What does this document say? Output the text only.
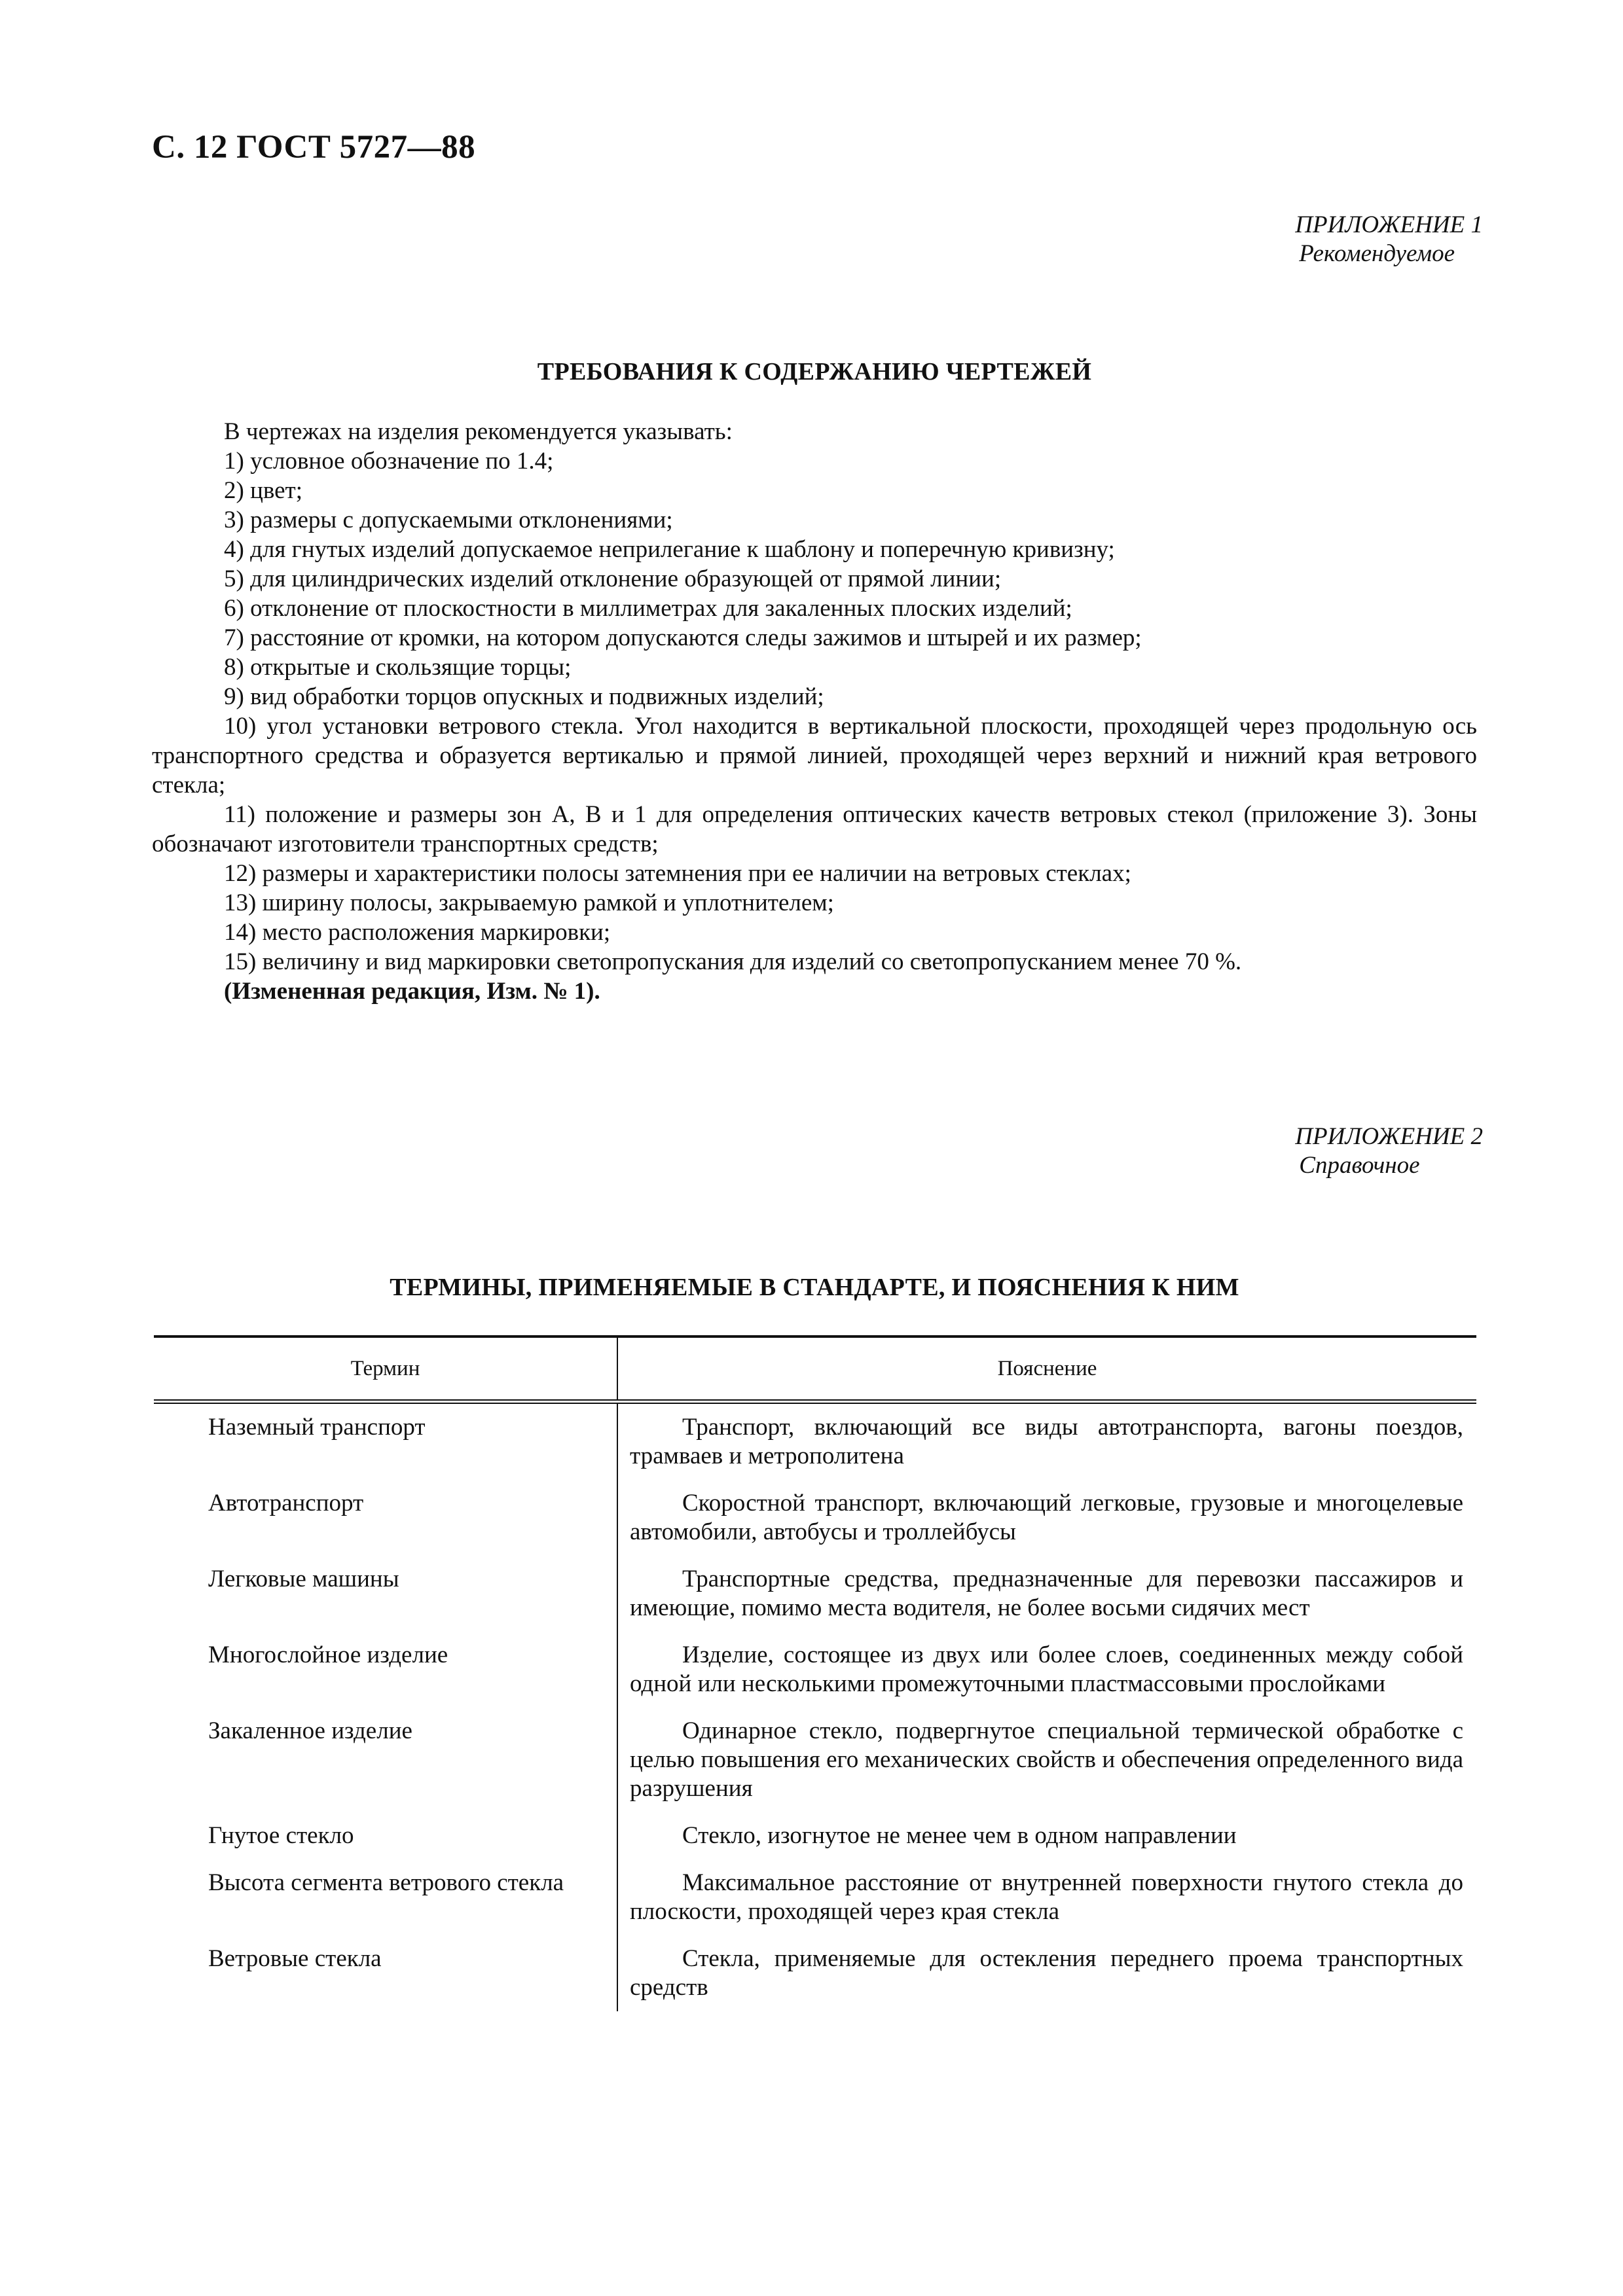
С. 12 ГОСТ 5727—88
ПРИЛОЖЕНИЕ 1
Рекомендуемое
ТРЕБОВАНИЯ К СОДЕРЖАНИЮ ЧЕРТЕЖЕЙ

В чертежах на изделия рекомендуется указывать:

1) условное обозначение по 1.4;

2) цвет;

3) размеры с допускаемыми отклонениями;

4) для гнутых изделий допускаемое неприлегание к шаблону и поперечную кривизну;

5) для цилиндрических изделий отклонение образующей от прямой линии;

6) отклонение от плоскостности в миллиметрах для закаленных плоских изделий;

7) расстояние от кромки, на котором допускаются следы зажимов и штырей и их размер;

8) открытые и скользящие торцы;

9) вид обработки торцов опускных и подвижных изделий;

10) угол установки ветрового стекла. Угол находится в вертикальной плоскости, проходящей через продольную ось транспортного средства и образуется вертикалью и прямой линией, проходящей через верхний и нижний края ветрового стекла;

11) положение и размеры зон А, В и 1 для определения оптических качеств ветровых стекол (приложение 3). Зоны обозначают изготовители транспортных средств;

12) размеры и характеристики полосы затемнения при ее наличии на ветровых стеклах;

13) ширину полосы, закрываемую рамкой и уплотнителем;

14) место расположения маркировки;

15) величину и вид маркировки светопропускания для изделий со светопропусканием менее 70 %.

(Измененная редакция, Изм. № 1).

ПРИЛОЖЕНИЕ 2
Справочное
ТЕРМИНЫ, ПРИМЕНЯЕМЫЕ В СТАНДАРТЕ, И ПОЯСНЕНИЯ К НИМ
Термин	Пояснение
Наземный транспорт	Транспорт, включающий все виды автотранспорта, вагоны поездов, трамваев и метрополитена
Автотранспорт	Скоростной транспорт, включающий легковые, грузовые и многоцелевые автомобили, автобусы и троллейбусы
Легковые машины	Транспортные средства, предназначенные для перевозки пассажиров и имеющие, помимо места водителя, не более восьми сидячих мест
Многослойное изделие	Изделие, состоящее из двух или более слоев, соединенных между собой одной или несколькими промежуточными пластмассовыми прослойками
Закаленное изделие	Одинарное стекло, подвергнутое специальной термической обработке с целью повышения его механических свойств и обеспечения определенного вида разрушения
Гнутое стекло	Стекло, изогнутое не менее чем в одном направлении
Высота сегмента ветрового стекла	Максимальное расстояние от внутренней поверхности гнутого стекла до плоскости, проходящей через края стекла
Ветровые стекла	Стекла, применяемые для остекления переднего проема транспортных средств
